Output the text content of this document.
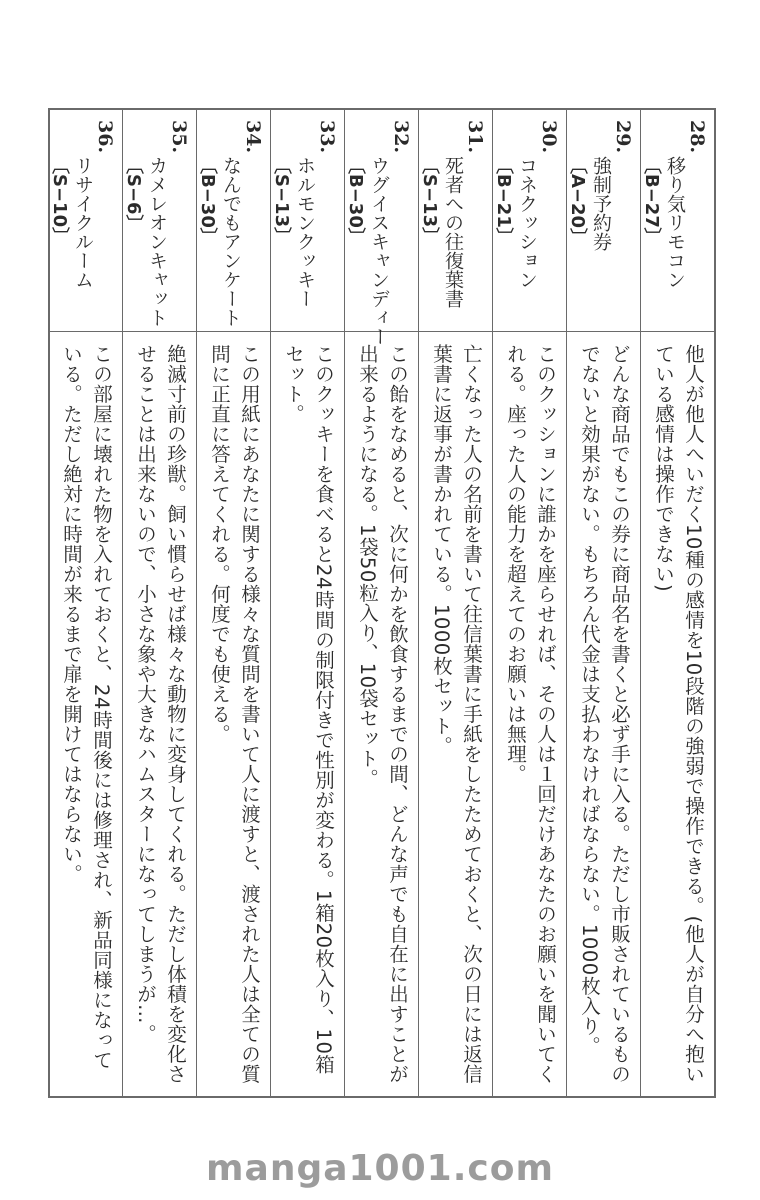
28.
移り気リモコン
〔B−27〕
他人が他人へいだく10種の感情を10段階の強弱で操作できる。(他人が自分へ抱いている感情は操作できない)
29.
強制予約券
〔A−20〕
どんな商品でもこの券に商品名を書くと必ず手に入る。ただし市販されているものでないと効果がない。もちろん代金は支払わなければならない。1000枚入り。
30.
コネクッション
〔B−21〕
このクッションに誰かを座らせれば、その人は１回だけあなたのお願いを聞いてくれる。座った人の能力を超えてのお願いは無理。
31.
死者への往復葉書
〔S−13〕
亡くなった人の名前を書いて往信葉書に手紙をしたためておくと、次の日には返信葉書に返事が書かれている。1000枚セット。
32.
ウグイスキャンディー
〔B−30〕
この飴をなめると、次に何かを飲食するまでの間、どんな声でも自在に出すことが出来るようになる。1袋50粒入り、10袋セット。
33.
ホルモンクッキー
〔S−13〕
このクッキーを食べると24時間の制限付きで性別が変わる。1箱20枚入り、10箱セット。
34.
なんでもアンケート
〔B−30〕
この用紙にあなたに関する様々な質問を書いて人に渡すと、渡された人は全ての質問に正直に答えてくれる。何度でも使える。
35.
カメレオンキャット
〔S−6〕
絶滅寸前の珍獣。飼い慣らせば様々な動物に変身してくれる。ただし体積を変化させることは出来ないので、小さな象や大きなハムスターになってしまうが…。
36.
リサイクルーム
〔S−10〕
この部屋に壊れた物を入れておくと、24時間後には修理され、新品同様になっている。ただし絶対に時間が来るまで扉を開けてはならない。
manga1001.com
